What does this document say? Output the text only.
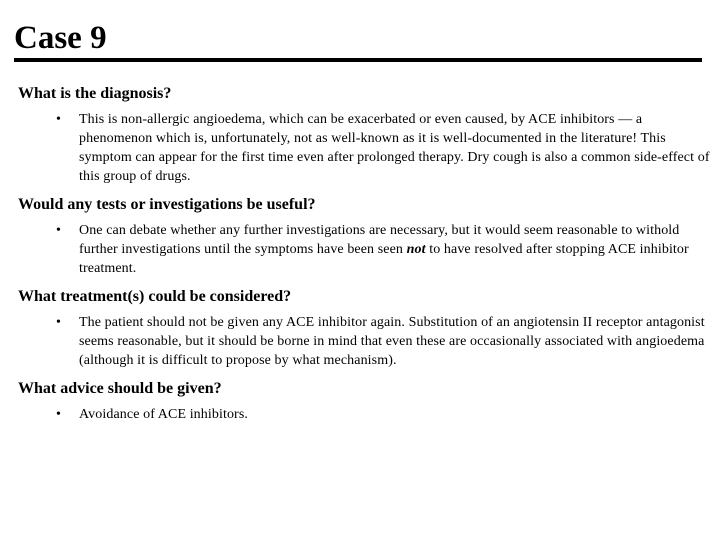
Case 9

What is the diagnosis?

• This is non-allergic angioedema, which can be exacerbated or even caused, by ACE inhibitors — a phenomenon which is, unfortunately, not as well-known as it is well-documented in the literature! This symptom can appear for the first time even after prolonged therapy. Dry cough is also a common side-effect of this group of drugs.

Would any tests or investigations be useful?

• One can debate whether any further investigations are necessary, but it would seem reasonable to withold further investigations until the symptoms have been seen not to have resolved after stopping ACE inhibitor treatment.

What treatment(s) could be considered?

• The patient should not be given any ACE inhibitor again. Substitution of an angiotensin II receptor antagonist seems reasonable, but it should be borne in mind that even these are occasionally associated with angioedema (although it is difficult to propose by what mechanism).

What advice should be given?

• Avoidance of ACE inhibitors.
